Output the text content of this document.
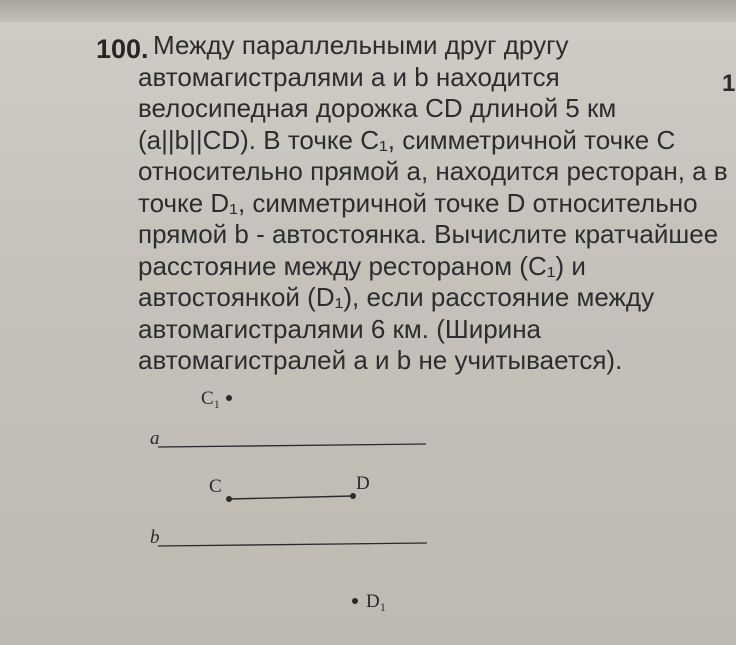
1
100. Между параллельными друг другу
автомагистралями a и b находится
велосипедная дорожка CD длиной 5 км
(a||b||CD). В точке C₁, симметричной точке C
относительно прямой a, находится ресторан, а в
точке D₁, симметричной точке D относительно
прямой b - автостоянка. Вычислите кратчайшее
расстояние между рестораном (C₁) и
автостоянкой (D₁), если расстояние между
автомагистралями 6 км. (Ширина
автомагистралей a и b не учитывается).
C₁
a
C	D
b
D₁
